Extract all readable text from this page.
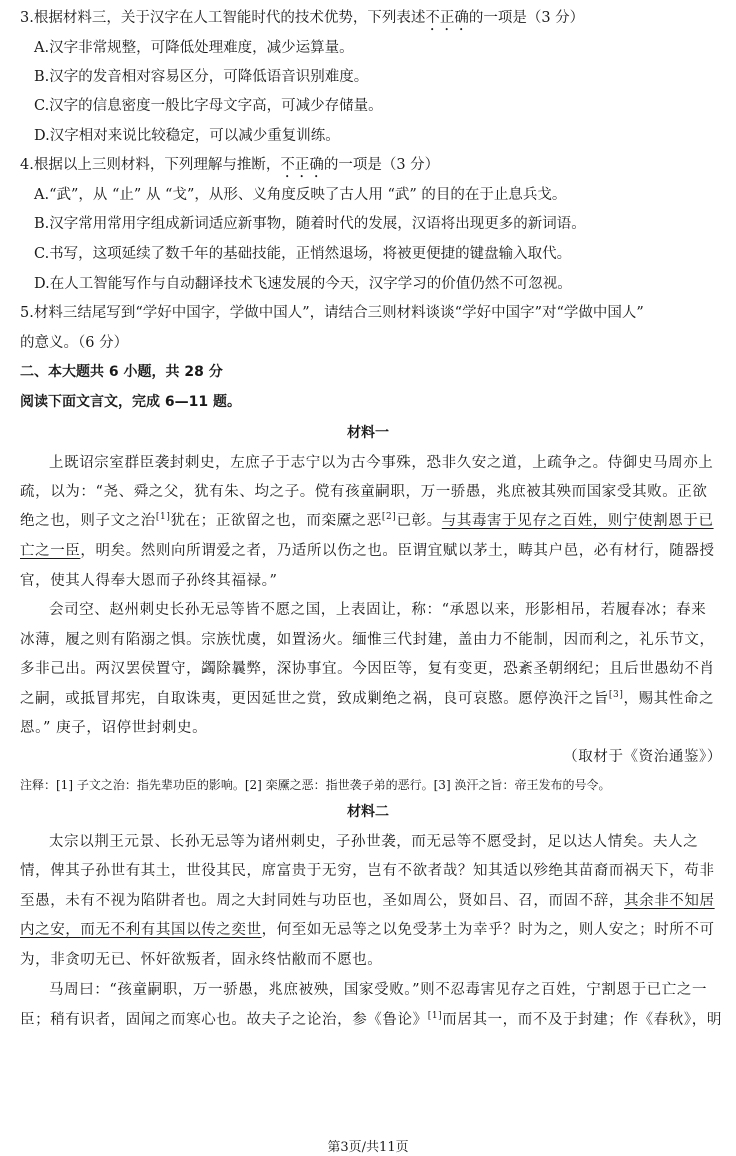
3.根据材料三，关于汉字在人工智能时代的技术优势，下列表述不正确的一项是（3 分）
A.汉字非常规整，可降低处理难度，减少运算量。
B.汉字的发音相对容易区分，可降低语音识别难度。
C.汉字的信息密度一般比字母文字高，可减少存储量。
D.汉字相对来说比较稳定，可以减少重复训练。
4.根据以上三则材料，下列理解与推断，不正确的一项是（3 分）
A.“武”，从 “止” 从 “戈”，从形、义角度反映了古人用 “武” 的目的在于止息兵戈。
B.汉字常用常用字组成新词适应新事物，随着时代的发展，汉语将出现更多的新词语。
C.书写，这项延续了数千年的基础技能，正悄然退场，将被更便捷的键盘输入取代。
D.在人工智能写作与自动翻译技术飞速发展的今天，汉字学习的价值仍然不可忽视。
5.材料三结尾写到“学好中国字，学做中国人”，请结合三则材料谈谈“学好中国字”对“学做中国人”
的意义。（6 分）
二、本大题共 6 小题，共 28 分
阅读下面文言文，完成 6—11 题。
材料一
上既诏宗室群臣袭封刺史，左庶子于志宁以为古今事殊，恐非久安之道，上疏争之。侍御史马周亦上
疏，以为：“尧、舜之父，犹有朱、均之子。傥有孩童嗣职，万一骄愚，兆庶被其殃而国家受其败。正欲
绝之也，则子文之治[1]犹在；正欲留之也，而栾黡之恶[2]已彰。与其毒害于见存之百姓，则宁使割恩于已
亡之一臣，明矣。然则向所谓爱之者，乃适所以伤之也。臣谓宜赋以茅土，畴其户邑，必有材行，随器授
官，使其人得奉大恩而子孙终其福禄。”
会司空、赵州刺史长孙无忌等皆不愿之国，上表固让，称：“承恩以来，形影相吊，若履春冰；春来
冰薄，履之则有陷溺之惧。宗族忧虞，如置汤火。缅惟三代封建，盖由力不能制，因而利之，礼乐节文，
多非己出。两汉罢侯置守，蠲除曩弊，深协事宜。今因臣等，复有变更，恐紊圣朝纲纪；且后世愚幼不肖
之嗣，或抵冒邦宪，自取诛夷，更因延世之赏，致成剿绝之祸，良可哀愍。愿停涣汗之旨[3]，赐其性命之
恩。” 庚子，诏停世封刺史。
（取材于《资治通鉴》）
注释：[1] 子文之治：指先辈功臣的影响。[2] 栾黡之恶：指世袭子弟的恶行。[3] 涣汗之旨：帝王发布的号令。
材料二
太宗以荆王元景、长孙无忌等为诸州刺史，子孙世袭，而无忌等不愿受封，足以达人情矣。夫人之
情，俾其子孙世有其土，世役其民，席富贵于无穷，岂有不欲者哉？知其适以殄绝其苗裔而祸天下，苟非
至愚，未有不视为陷阱者也。周之大封同姓与功臣也，圣如周公，贤如吕、召，而固不辞，其余非不知居
内之安，而无不利有其国以传之奕世，何至如无忌等之以免受茅土为幸乎？时为之，则人安之；时所不可
为，非贪叨无已、怀奸欲叛者，固永终怙敝而不愿也。
马周曰：“孩童嗣职，万一骄愚，兆庶被殃，国家受败。”则不忍毒害见存之百姓，宁割恩于已亡之一
臣；稍有识者，固闻之而寒心也。故夫子之论治，参《鲁论》[1]而居其一，而不及于封建；作《春秋》，明
第3页/共11页
